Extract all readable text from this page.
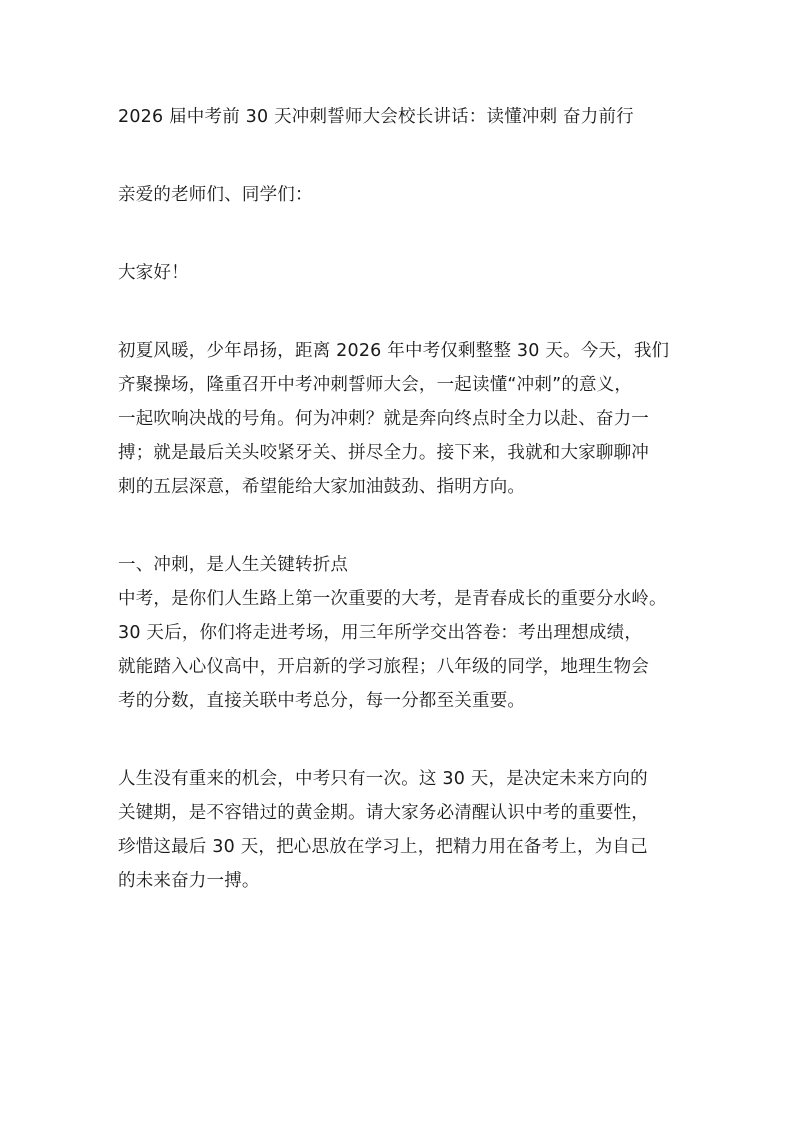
2026 届中考前 30 天冲刺誓师大会校长讲话：读懂冲刺 奋力前行
亲爱的老师们、同学们：
大家好！
初夏风暖，少年昂扬，距离 2026 年中考仅剩整整 30 天。今天，我们
齐聚操场，隆重召开中考冲刺誓师大会，一起读懂“冲刺”的意义，
一起吹响决战的号角。何为冲刺？就是奔向终点时全力以赴、奋力一
搏；就是最后关头咬紧牙关、拼尽全力。接下来，我就和大家聊聊冲
刺的五层深意，希望能给大家加油鼓劲、指明方向。
一、冲刺，是人生关键转折点
中考，是你们人生路上第一次重要的大考，是青春成长的重要分水岭。
30 天后，你们将走进考场，用三年所学交出答卷：考出理想成绩，
就能踏入心仪高中，开启新的学习旅程；八年级的同学，地理生物会
考的分数，直接关联中考总分，每一分都至关重要。
人生没有重来的机会，中考只有一次。这 30 天，是决定未来方向的
关键期，是不容错过的黄金期。请大家务必清醒认识中考的重要性，
珍惜这最后 30 天，把心思放在学习上，把精力用在备考上，为自己
的未来奋力一搏。
